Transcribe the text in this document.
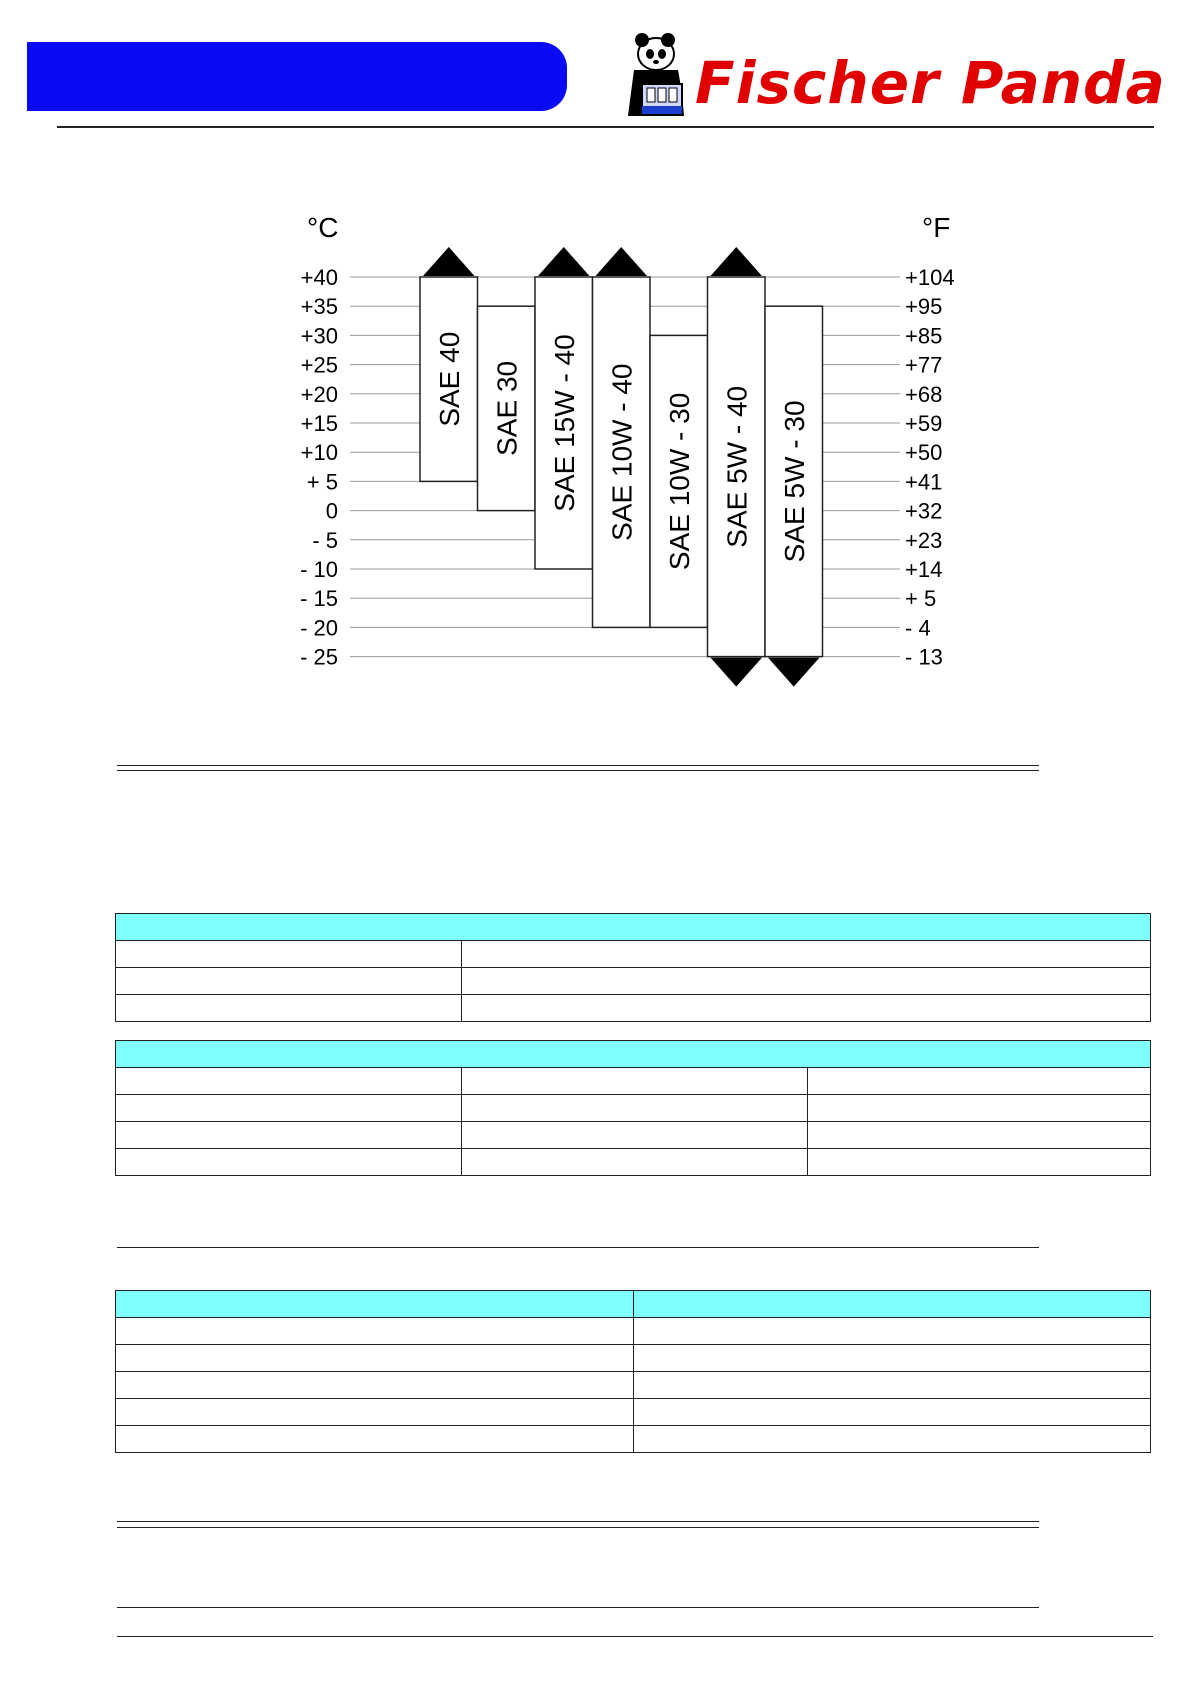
Fischer Panda
°C	°F
+40
+35
+30
+25
+20
+15
+10
+ 5
0
- 5
- 10
- 15
- 20
- 25
+104
+95
+85
+77
+68
+59
+50
+41
+32
+23
+14
+ 5
- 4
- 13
SAE 40 SAE 30 SAE 15W - 40 SAE 10W - 40 SAE 10W - 30 SAE 5W - 40 SAE 5W - 30
